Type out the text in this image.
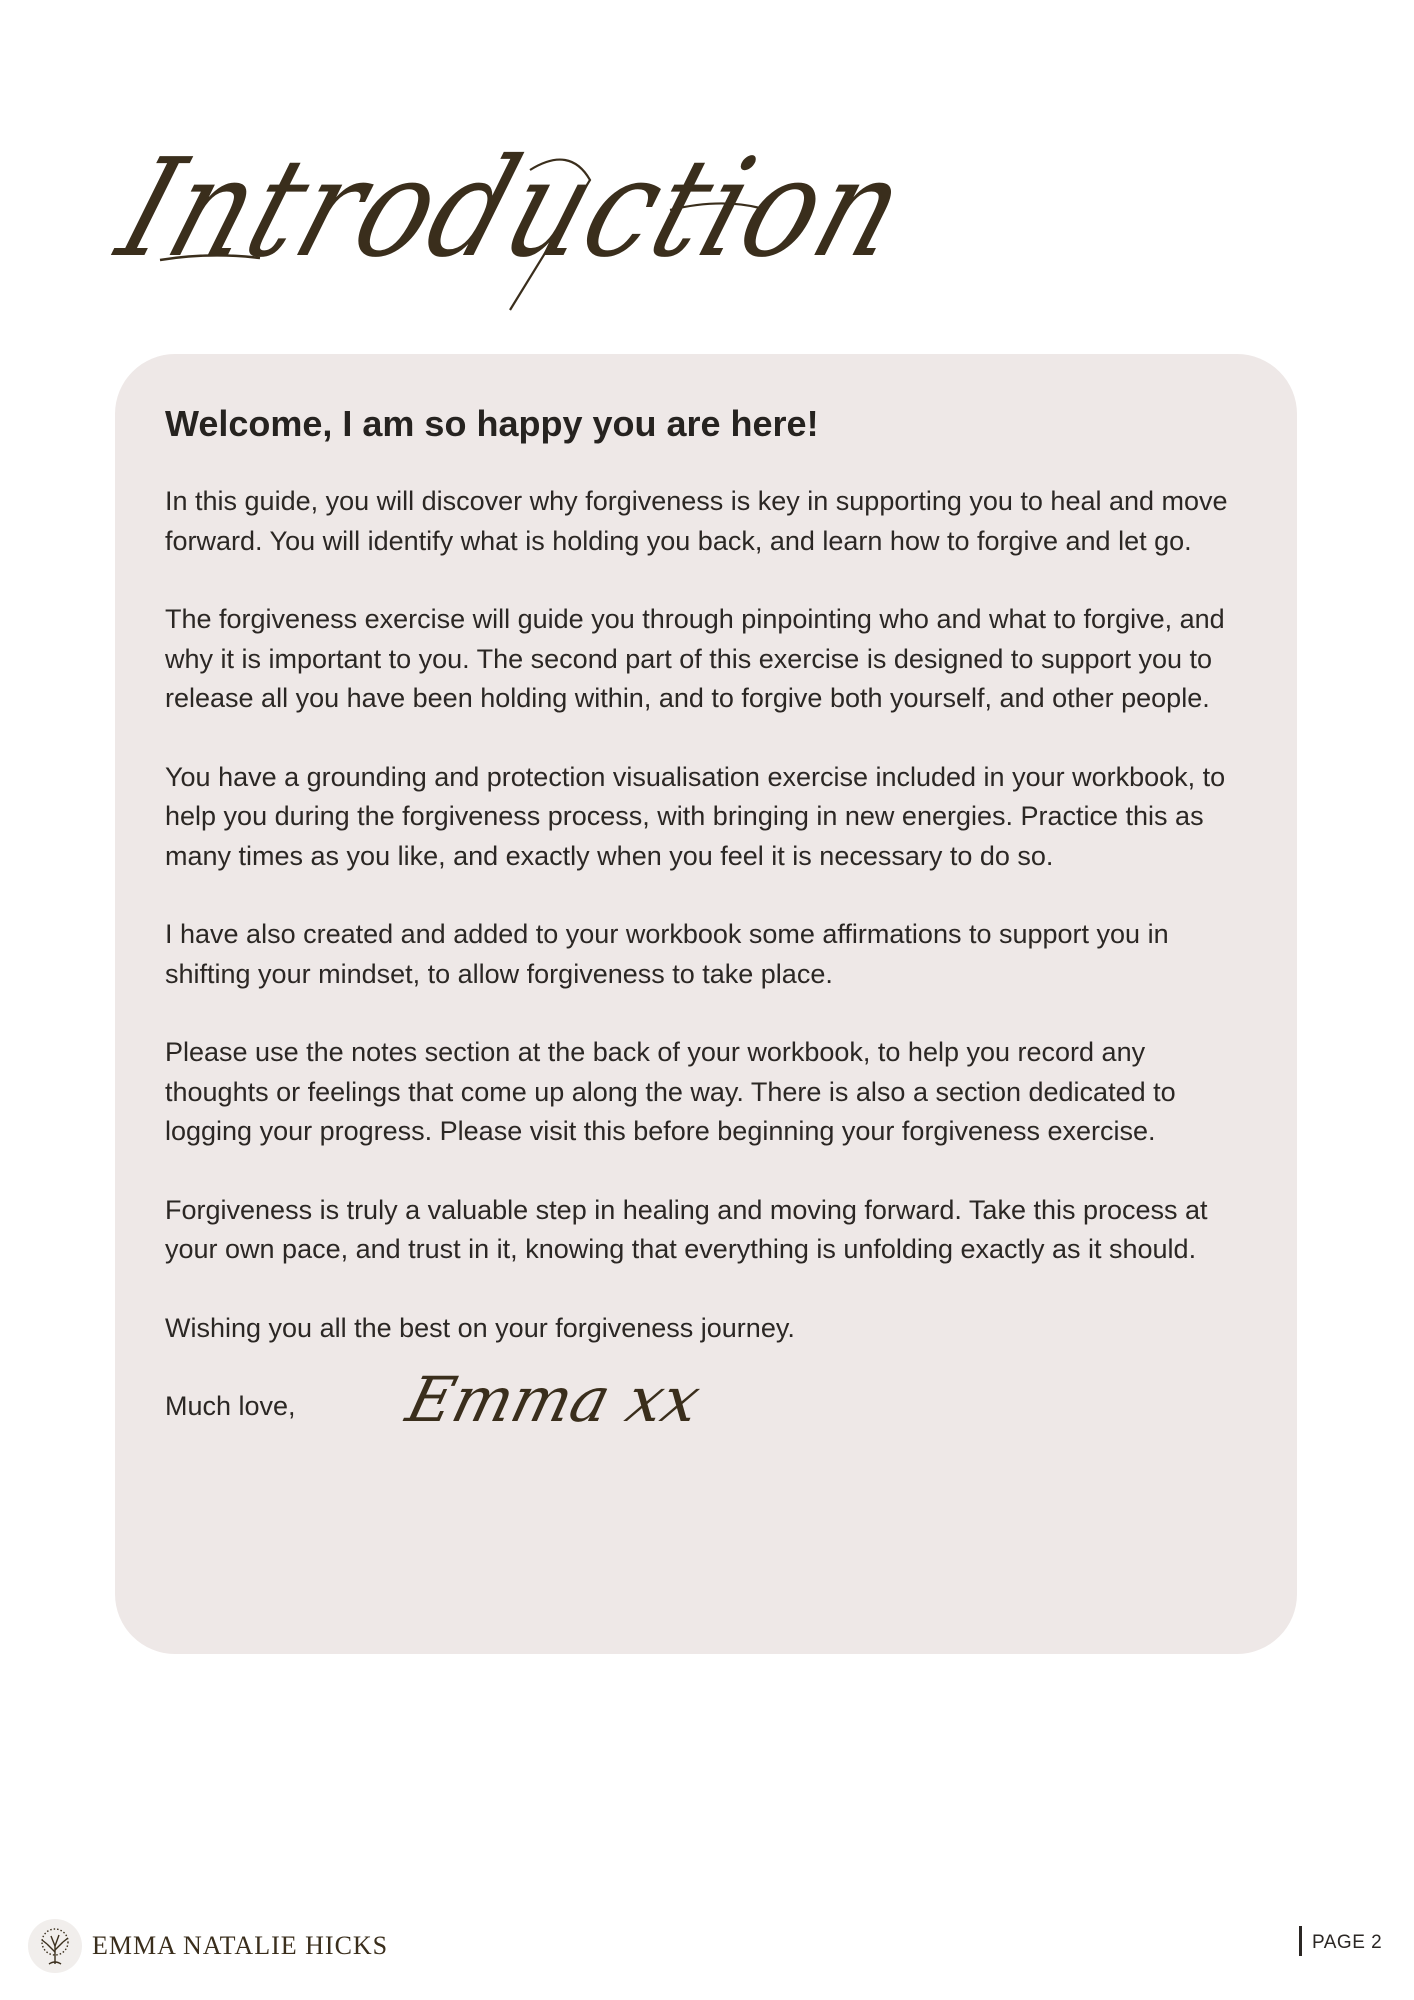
Introduction
Welcome, I am so happy you are here!

In this guide, you will discover why forgiveness is key in supporting you to heal and move forward. You will identify what is holding you back, and learn how to forgive and let go.

The forgiveness exercise will guide you through pinpointing who and what to forgive, and why it is important to you. The second part of this exercise is designed to support you to release all you have been holding within, and to forgive both yourself, and other people.

You have a grounding and protection visualisation exercise included in your workbook, to help you during the forgiveness process, with bringing in new energies. Practice this as many times as you like, and exactly when you feel it is necessary to do so.

I have also created and added to your workbook some affirmations to support you in shifting your mindset, to allow forgiveness to take place.

Please use the notes section at the back of your workbook, to help you record any thoughts or feelings that come up along the way. There is also a section dedicated to logging your progress. Please visit this before beginning your forgiveness exercise.

Forgiveness is truly a valuable step in healing and moving forward. Take this process at your own pace, and trust in it, knowing that everything is unfolding exactly as it should.

Wishing you all the best on your forgiveness journey.

Much love, Emma xx
EMMA NATALIE HICKS	PAGE 2
